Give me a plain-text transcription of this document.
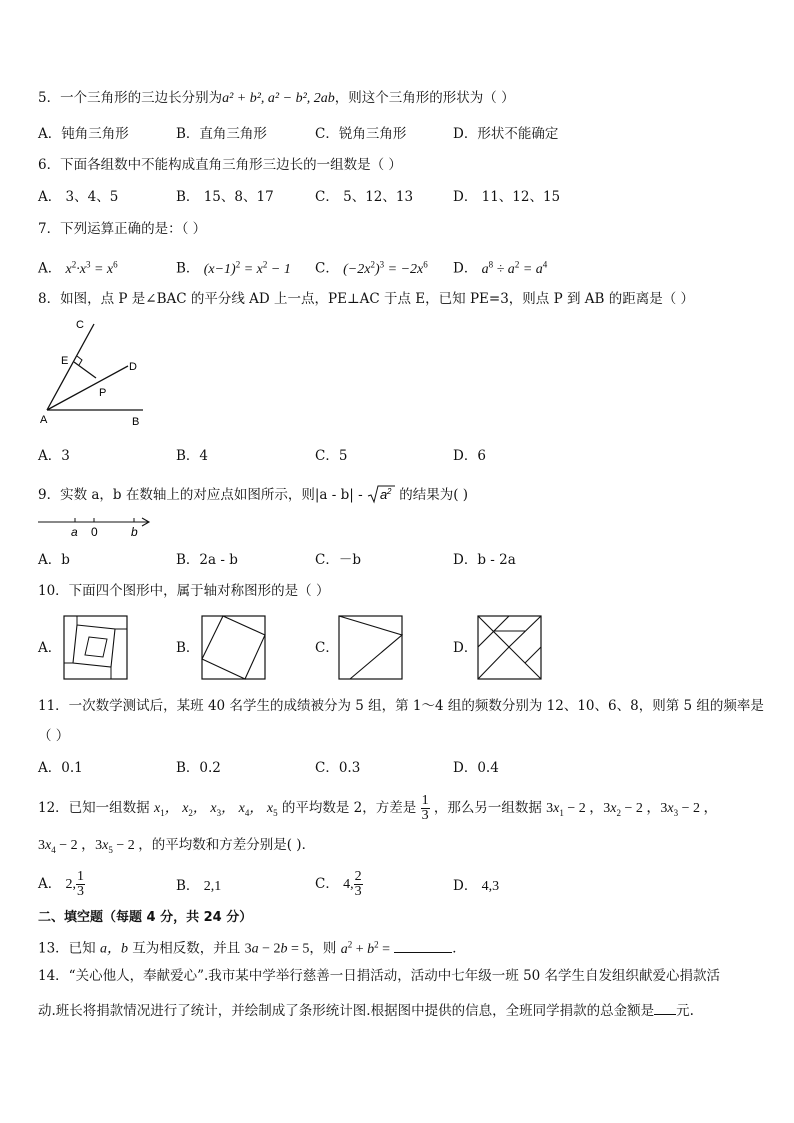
5．一个三角形的三边长分别为a² + b², a² − b², 2ab，则这个三角形的形状为（ ）
A．钝角三角形	B．直角三角形	C．锐角三角形	D．形状不能确定
6．下面各组数中不能构成直角三角形三边长的一组数是（ ）
A． 3、4、5	B． 15、8、17	C． 5、12、13	D． 11、12、15
7．下列运算正确的是：（ ）
A． $x^2\cdot x^3 = x^6$	B． $(x-1)^2 = x^2 - 1$ C． $(-2x^2)^3 = -2x^6$ D． $a^8 \div a^2 = a^4$
8．如图，点 P 是∠BAC 的平分线 AD 上一点，PE⊥AC 于点 E，已知 PE=3，则点 P 到 AB 的距离是（ ）
C
E	D
P
A	B
A．3	B．4	C．5	D．6
9．实数 a，b 在数轴上的对应点如图所示，则|a - b| - a 2 的结果为( )
a 0	b
A．b	B．2a - b	C．－b	D．b - 2a
10．下面四个图形中，属于轴对称图形的是（ ）
A．	B．	C．	D．
11．一次数学测试后，某班 40 名学生的成绩被分为 5 组，第 1～4 组的频数分别为 12、10、6、8，则第 5 组的频率是
（ ）
A．0.1	B．0.2	C．0.3	D．0.4
12．已知一组数据 $x_1$， $x_2$， $x_3$， $x_4$， $x_5$ 的平均数是 2，方差是 $\frac{1}{3}$ ，那么另一组数据 $3x_1 - 2$ ，$3x_2 - 2$ ，$3x_3 - 2$ ，
$3x_4 - 2$ ，$3x_5 - 2$ ，的平均数和方差分别是( )．
A． 2, $\frac{1}{3}$	B． 2,1	C． 4, $\frac{2}{3}$	D． 4,3
二、填空题（每题 4 分，共 24 分）
13．已知 a，b 互为相反数，并且 3a − 2b = 5，则 $a^2 + b^2$ =	．
14．“关心他人，奉献爱心”.我市某中学举行慈善一日捐活动，活动中七年级一班 50 名学生自发组织献爱心捐款活
动.班长将捐款情况进行了统计，并绘制成了条形统计图.根据图中提供的信息，全班同学捐款的总金额是 元.
